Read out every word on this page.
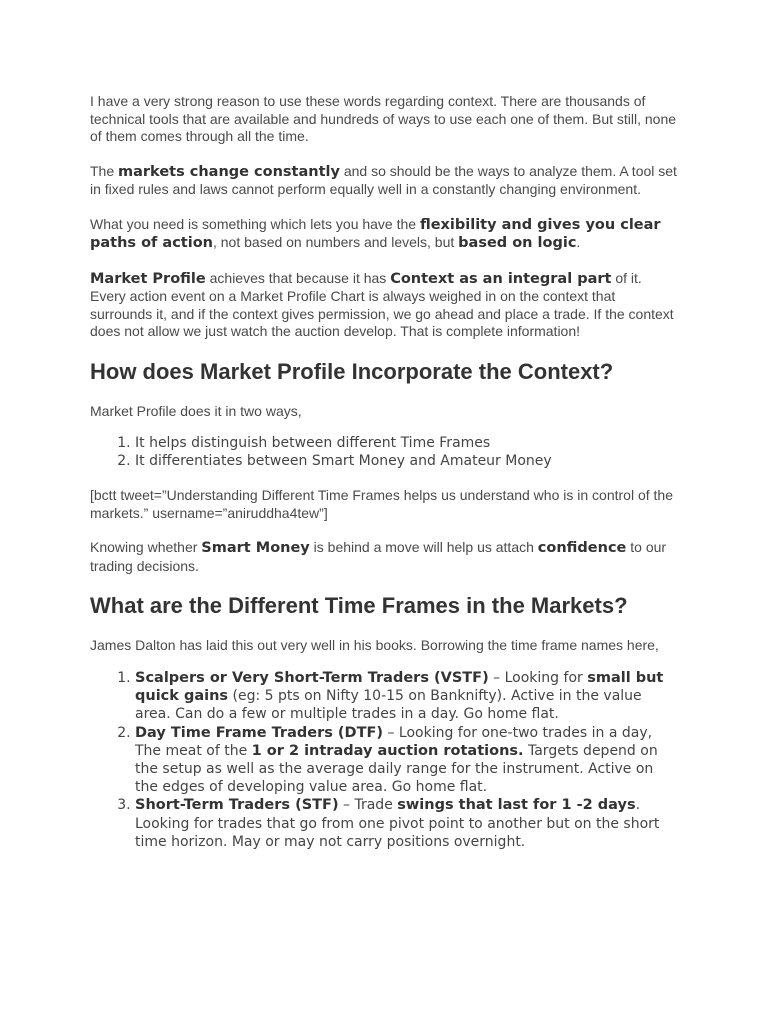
I have a very strong reason to use these words regarding context. There are thousands of technical tools that are available and hundreds of ways to use each one of them. But still, none of them comes through all the time.

The markets change constantly and so should be the ways to analyze them. A tool set in fixed rules and laws cannot perform equally well in a constantly changing environment.

What you need is something which lets you have the flexibility and gives you clear paths of action, not based on numbers and levels, but based on logic.

Market Profile achieves that because it has Context as an integral part of it. Every action event on a Market Profile Chart is always weighed in on the context that surrounds it, and if the context gives permission, we go ahead and place a trade. If the context does not allow we just watch the auction develop. That is complete information!

How does Market Profile Incorporate the Context?

Market Profile does it in two ways,

1. It helps distinguish between different Time Frames
2. It differentiates between Smart Money and Amateur Money

[bctt tweet=”Understanding Different Time Frames helps us understand who is in control of the markets.” username=”aniruddha4tew”]

Knowing whether Smart Money is behind a move will help us attach confidence to our trading decisions.

What are the Different Time Frames in the Markets?

James Dalton has laid this out very well in his books. Borrowing the time frame names here,

1. Scalpers or Very Short-Term Traders (VSTF) – Looking for small but quick gains (eg: 5 pts on Nifty 10-15 on Banknifty). Active in the value area. Can do a few or multiple trades in a day. Go home flat.
2. Day Time Frame Traders (DTF) – Looking for one-two trades in a day, The meat of the 1 or 2 intraday auction rotations. Targets depend on the setup as well as the average daily range for the instrument. Active on the edges of developing value area. Go home flat.
3. Short-Term Traders (STF) – Trade swings that last for 1 -2 days. Looking for trades that go from one pivot point to another but on the short time horizon. May or may not carry positions overnight.
